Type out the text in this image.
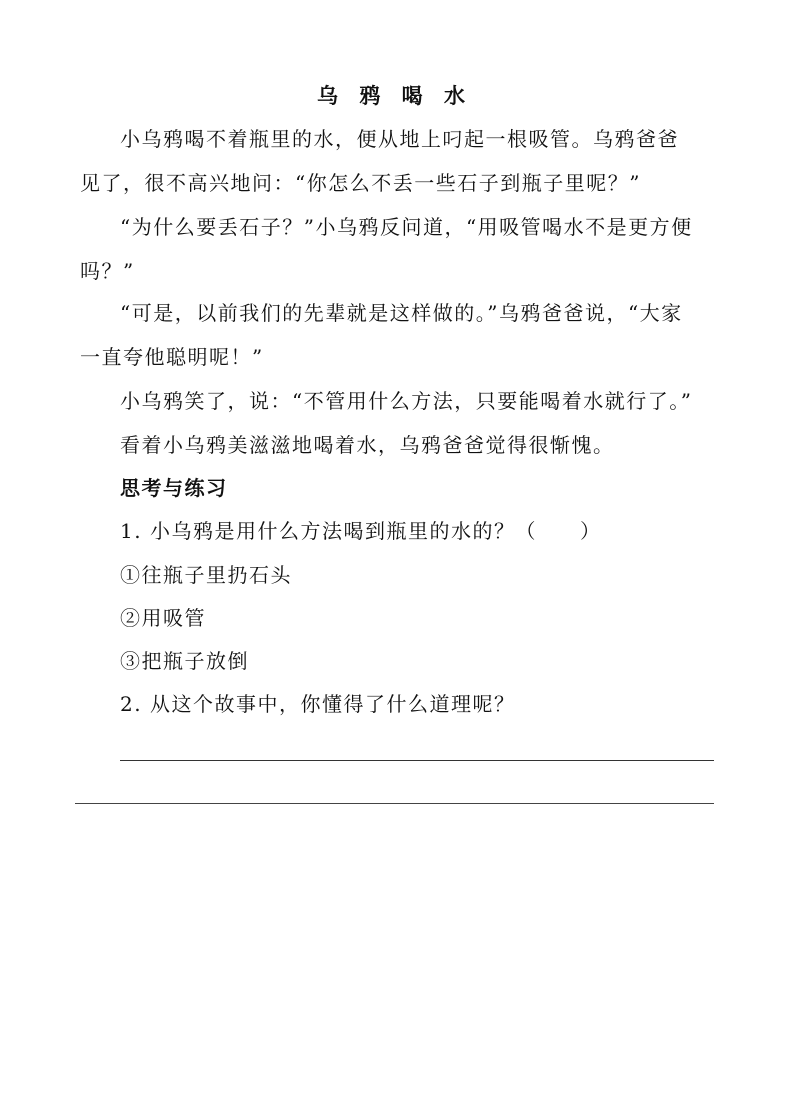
乌 鸦 喝 水
小乌鸦喝不着瓶里的水，便从地上叼起一根吸管。乌鸦爸爸
见了，很不高兴地问：“你怎么不丢一些石子到瓶子里呢？”
“为什么要丢石子？”小乌鸦反问道，“用吸管喝水不是更方便
吗？”
“可是，以前我们的先辈就是这样做的。”乌鸦爸爸说，“大家
一直夸他聪明呢！”
小乌鸦笑了，说：“不管用什么方法，只要能喝着水就行了。”
看着小乌鸦美滋滋地喝着水，乌鸦爸爸觉得很惭愧。
思考与练习
1. 小乌鸦是用什么方法喝到瓶里的水的？（　　）
①往瓶子里扔石头
②用吸管
③把瓶子放倒
2. 从这个故事中，你懂得了什么道理呢？
